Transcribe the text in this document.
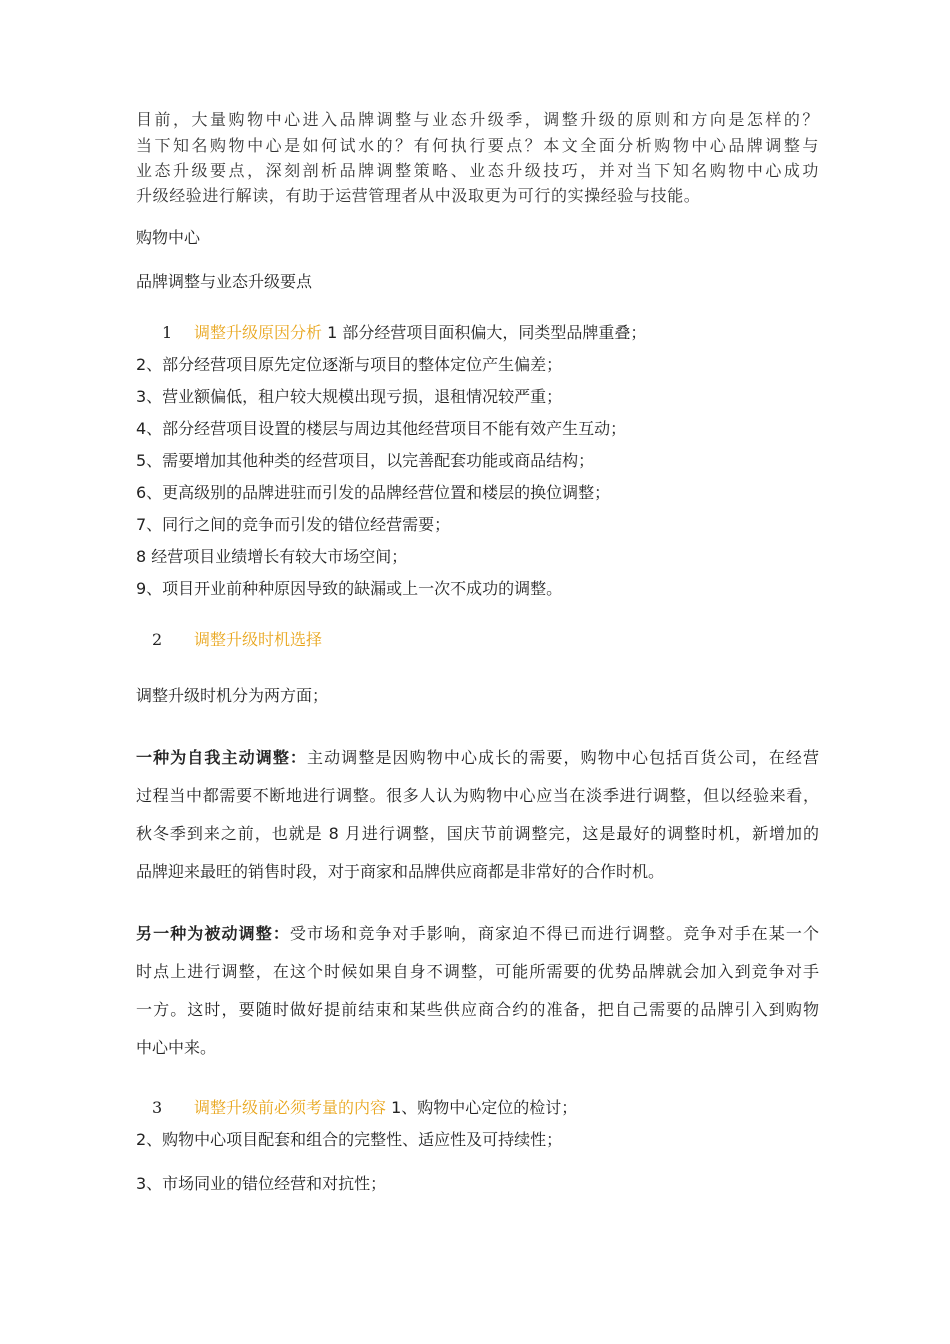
目前，大量购物中心进入品牌调整与业态升级季，调整升级的原则和方向是怎样的？
当下知名购物中心是如何试水的？有何执行要点？本文全面分析购物中心品牌调整与
业态升级要点，深刻剖析品牌调整策略、业态升级技巧，并对当下知名购物中心成功
升级经验进行解读，有助于运营管理者从中汲取更为可行的实操经验与技能。
购物中心
品牌调整与业态升级要点
1 调整升级原因分析 1 部分经营项目面积偏大，同类型品牌重叠；
2、部分经营项目原先定位逐渐与项目的整体定位产生偏差；
3、营业额偏低，租户较大规模出现亏损，退租情况较严重；
4、部分经营项目设置的楼层与周边其他经营项目不能有效产生互动；
5、需要增加其他种类的经营项目，以完善配套功能或商品结构；
6、更高级别的品牌进驻而引发的品牌经营位置和楼层的换位调整；
7、同行之间的竞争而引发的错位经营需要；
8 经营项目业绩增长有较大市场空间；
9、项目开业前种种原因导致的缺漏或上一次不成功的调整。
2 调整升级时机选择
调整升级时机分为两方面；
一种为自我主动调整：主动调整是因购物中心成长的需要，购物中心包括百货公司，在经营
过程当中都需要不断地进行调整。很多人认为购物中心应当在淡季进行调整，但以经验来看，
秋冬季到来之前，也就是 8 月进行调整，国庆节前调整完，这是最好的调整时机，新增加的
品牌迎来最旺的销售时段，对于商家和品牌供应商都是非常好的合作时机。
另一种为被动调整：受市场和竞争对手影响，商家迫不得已而进行调整。竞争对手在某一个
时点上进行调整，在这个时候如果自身不调整，可能所需要的优势品牌就会加入到竞争对手
一方。这时，要随时做好提前结束和某些供应商合约的准备，把自己需要的品牌引入到购物
中心中来。
3 调整升级前必须考量的内容 1、购物中心定位的检讨；
2、购物中心项目配套和组合的完整性、适应性及可持续性；
3、市场同业的错位经营和对抗性；
